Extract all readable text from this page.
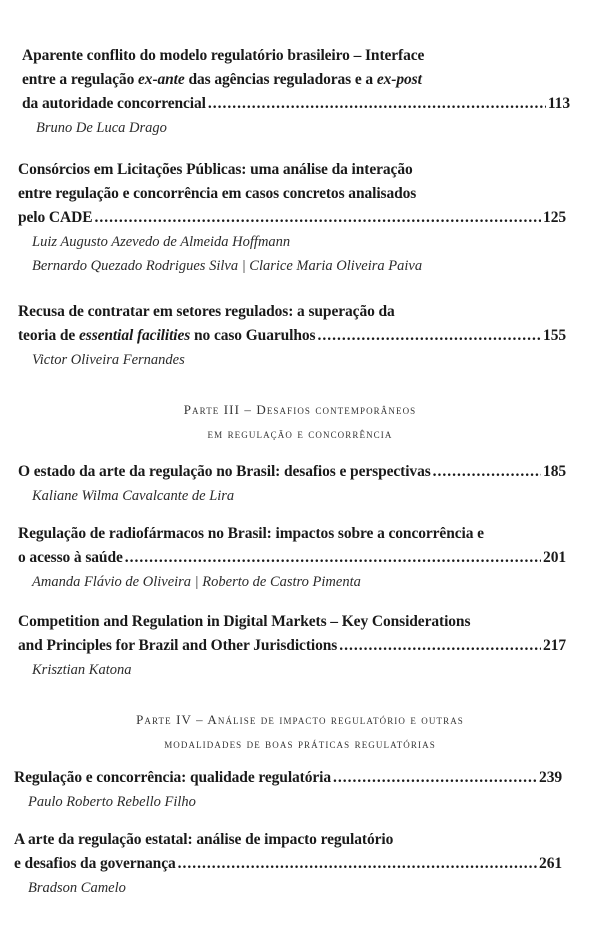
Aparente conflito do modelo regulatório brasileiro – Interface
entre a regulação ex-ante das agências reguladoras e a ex-post
da autoridade concorrencial .....	113
Bruno De Luca Drago
Consórcios em Licitações Públicas: uma análise da interação
entre regulação e concorrência em casos concretos analisados
pelo CADE .....	125
Luiz Augusto Azevedo de Almeida Hoffmann
Bernardo Quezado Rodrigues Silva | Clarice Maria Oliveira Paiva
Recusa de contratar em setores regulados: a superação da
teoria de essential facilities no caso Guarulhos .....	155
Victor Oliveira Fernandes
Parte III – Desafios contemporâneos
em regulação e concorrência
O estado da arte da regulação no Brasil: desafios e perspectivas .....	185
Kaliane Wilma Cavalcante de Lira
Regulação de radiofármacos no Brasil: impactos sobre a concorrência e
o acesso à saúde .....	201
Amanda Flávio de Oliveira | Roberto de Castro Pimenta
Competition and Regulation in Digital Markets – Key Considerations
and Principles for Brazil and Other Jurisdictions .....	217
Krisztian Katona
Parte IV – Análise de impacto regulatório e outras
modalidades de boas práticas regulatórias
Regulação e concorrência: qualidade regulatória .....	239
Paulo Roberto Rebello Filho
A arte da regulação estatal: análise de impacto regulatório
e desafios da governança .....	261
Bradson Camelo
